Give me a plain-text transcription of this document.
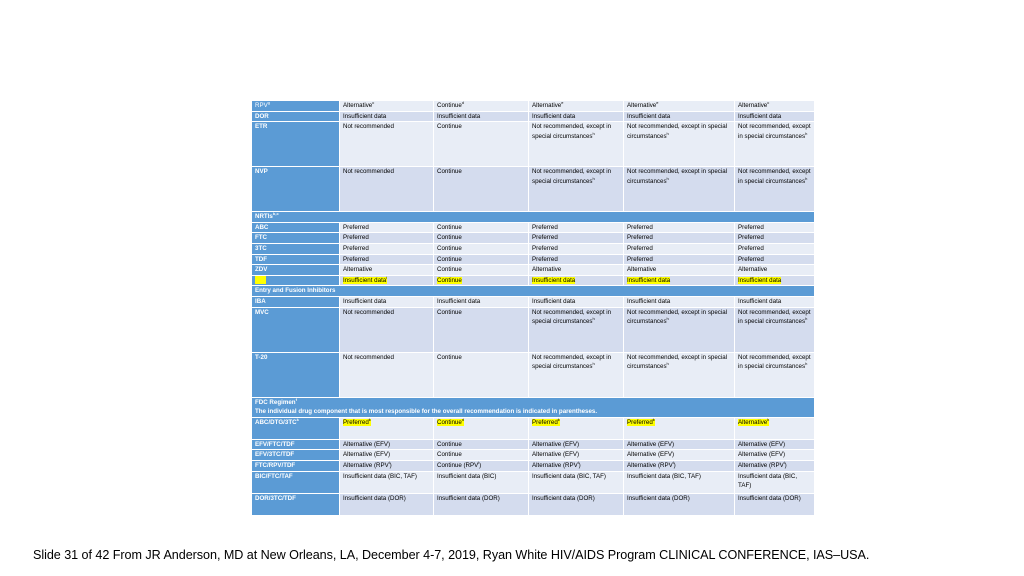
RPV$^g$	Alternative$^c$	Continue$^d$	Alternative$^e$	Alternative$^e$	Alternative$^c$
DOR	Insufficient data	Insufficient data	Insufficient data	Insufficient data	Insufficient data
ETR	Not recommended	Continue	Not recommended, except in special circumstances$^h$	Not recommended, except in special circumstances$^h$	Not recommended, except in special circumstances$^h$
NVP	Not recommended	Continue	Not recommended, except in special circumstances$^h$	Not recommended, except in special circumstances$^h$	Not recommended, except in special circumstances$^h$
NRTIs$^{b,c}$
ABC	Preferred	Continue	Preferred	Preferred	Preferred
FTC	Preferred	Continue	Preferred	Preferred	Preferred
3TC	Preferred	Continue	Preferred	Preferred	Preferred
TDF	Preferred	Continue	Preferred	Preferred	Preferred
ZDV	Alternative	Continue	Alternative	Alternative	Alternative
	Insufficient data$^i$	Continue	Insufficient data	Insufficient data	Insufficient data
Entry and Fusion Inhibitors					
IBA	Insufficient data	Insufficient data	Insufficient data	Insufficient data	Insufficient data
MVC	Not recommended	Continue	Not recommended, except in special circumstances$^h$	Not recommended, except in special circumstances$^h$	Not recommended, except in special circumstances$^h$
T-20	Not recommended	Continue	Not recommended, except in special circumstances$^h$	Not recommended, except in special circumstances$^h$	Not recommended, except in special circumstances$^h$
FDC Regimen$^f$
The individual drug component that is most responsible for the overall recommendation is indicated in parentheses.					
ABC/$DTG/3TC^k$	Preferred$^k$	Continue$^d$	Preferred$^k$	Preferred$^k$	Alternative$^k$
EFV/FTC/TDF	Alternative (EFV)	Continue	Alternative (EFV)	Alternative (EFV)	Alternative (EFV)
EFV/3TC/TDF	Alternative (EFV)	Continue	Alternative (EFV)	Alternative (EFV)	Alternative (EFV)
FTC/RPV/TDF	Alternative (RPV$^l$)	Continue (RPV$^l$)	Alternative (RPV$^l$)	Alternative (RPV$^l$)	Alternative (RPV$^l$)
BIC/FTC/TAF	Insufficient data (BIC, TAF)	Insufficient data (BIC)	Insufficient data (BIC, TAF)	Insufficient data (BIC, TAF)	Insufficient data (BIC, TAF)
DOR/3TC/TDF	Insufficient data (DOR)	Insufficient data (DOR)	Insufficient data (DOR)	Insufficient data (DOR)	Insufficient data (DOR)
Slide 31 of 42 From JR Anderson, MD at New Orleans, LA, December 4-7, 2019, Ryan White HIV/AIDS Program CLINICAL CONFERENCE, IAS–USA.
